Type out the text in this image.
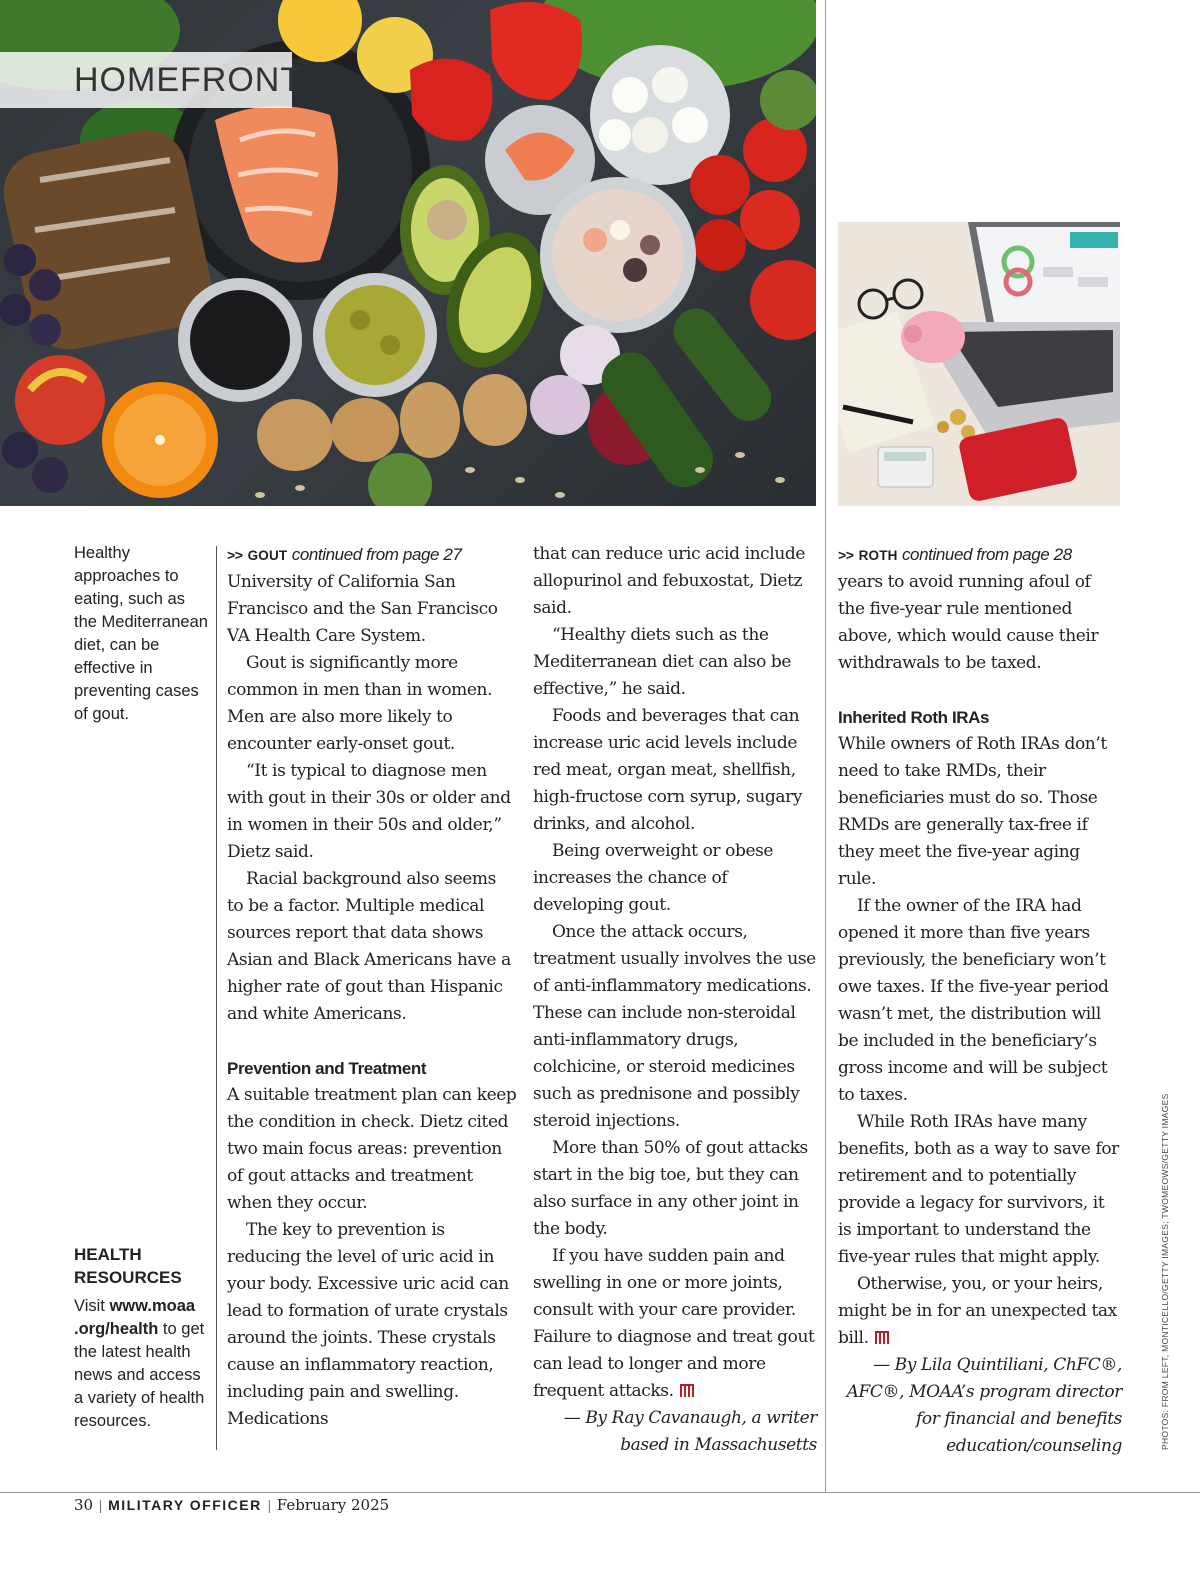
HOMEFRONT

Healthy approaches to eating, such as the Mediterranean diet, can be effective in preventing cases of gout.

HEALTH RESOURCES

Visit www.moaa .org/health to get the latest health news and access a variety of health resources.

>> GOUT continued from page 27

University of California San Francisco and the San Francisco VA Health Care System.

Gout is significantly more common in men than in women. Men are also more likely to encounter early-onset gout.

“It is typical to diagnose men with gout in their 30s or older and in women in their 50s and older,” Dietz said.

Racial background also seems to be a factor. Multiple medical sources report that data shows Asian and Black Americans have a higher rate of gout than Hispanic and white Americans.

Prevention and Treatment

A suitable treatment plan can keep the condition in check. Dietz cited two main focus areas: prevention of gout attacks and treatment when they occur.

The key to prevention is reducing the level of uric acid in your body. Excessive uric acid can lead to formation of urate crystals around the joints. These crystals cause an inflammatory reaction, including pain and swelling. Medications

that can reduce uric acid include allopurinol and febuxostat, Dietz said.

“Healthy diets such as the Mediterranean diet can also be effective,” he said.

Foods and beverages that can increase uric acid levels include red meat, organ meat, shellfish, high-fructose corn syrup, sugary drinks, and alcohol.

Being overweight or obese increases the chance of developing gout.

Once the attack occurs, treatment usually involves the use of anti-inflammatory medications. These can include non-steroidal anti-inflammatory drugs, colchicine, or steroid medicines such as prednisone and possibly steroid injections.

More than 50% of gout attacks start in the big toe, but they can also surface in any other joint in the body.

If you have sudden pain and swelling in one or more joints, consult with your care provider. Failure to diagnose and treat gout can lead to longer and more frequent attacks.

— By Ray Cavanaugh, a writer based in Massachusetts

>> ROTH continued from page 28

years to avoid running afoul of the five-year rule mentioned above, which would cause their withdrawals to be taxed.

Inherited Roth IRAs

While owners of Roth IRAs don’t need to take RMDs, their beneficiaries must do so. Those RMDs are generally tax-free if they meet the five-year aging rule.

If the owner of the IRA had opened it more than five years previously, the beneficiary won’t owe taxes. If the five-year period wasn’t met, the distribution will be included in the beneficiary’s gross income and will be subject to taxes.

While Roth IRAs have many benefits, both as a way to save for retirement and to potentially provide a legacy for survivors, it is important to understand the five-year rules that might apply.

Otherwise, you, or your heirs, might be in for an unexpected tax bill.

— By Lila Quintiliani, ChFC®, AFC®, MOAA’s program director for financial and benefits education/counseling	PHOTOS: FROM LEFT, MONTICELLO/GETTY IMAGES; TWOMEOWS/GETTY IMAGES
30 | MILITARY OFFICER | February 2025
